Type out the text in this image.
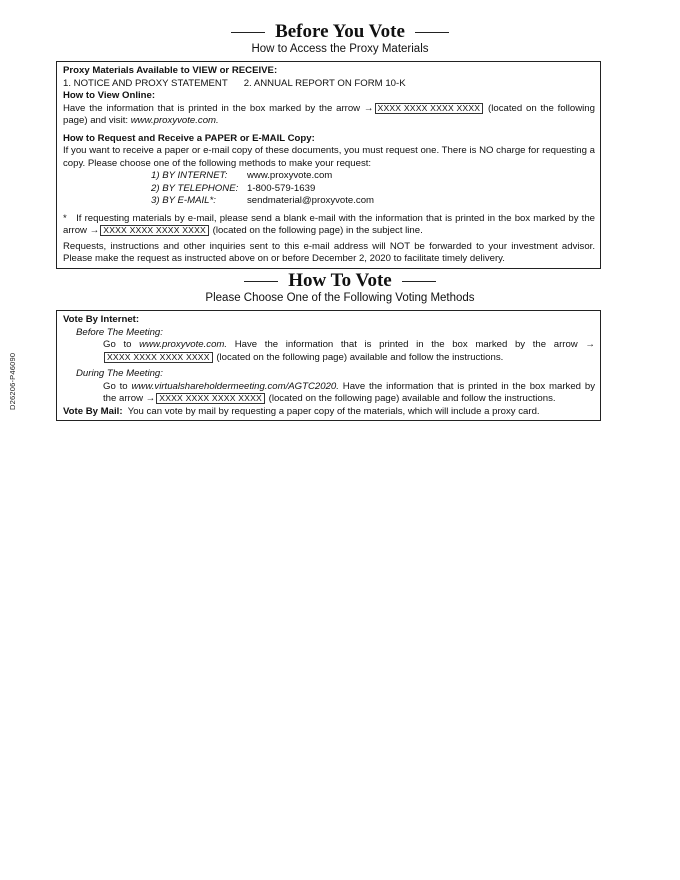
D26206-P46090
Before You Vote
How to Access the Proxy Materials
Proxy Materials Available to VIEW or RECEIVE:
1. NOTICE AND PROXY STATEMENT 2. ANNUAL REPORT ON FORM 10-K
How to View Online:
Have the information that is printed in the box marked by the arrow → XXXX XXXX XXXX XXXX (located on the following page) and visit: www.proxyvote.com.
How to Request and Receive a PAPER or E-MAIL Copy:
If you want to receive a paper or e-mail copy of these documents, you must request one. There is NO charge for requesting a copy. Please choose one of the following methods to make your request:
1) BY INTERNET:	www.proxyvote.com
2) BY TELEPHONE: 1-800-579-1639
3) BY E-MAIL*:	sendmaterial@proxyvote.com
* If requesting materials by e-mail, please send a blank e-mail with the information that is printed in the box marked by the arrow → XXXX XXXX XXXX XXXX (located on the following page) in the subject line.
Requests, instructions and other inquiries sent to this e-mail address will NOT be forwarded to your investment advisor. Please make the request as instructed above on or before December 2, 2020 to facilitate timely delivery.
How To Vote
Please Choose One of the Following Voting Methods
Vote By Internet:
Before The Meeting:
Go to www.proxyvote.com. Have the information that is printed in the box marked by the arrow →XXXX XXXX XXXX XXXX (located on the following page) available and follow the instructions.
During The Meeting:
Go to www.virtualshareholdermeeting.com/AGTC2020. Have the information that is printed in the box marked by the arrow → XXXX XXXX XXXX XXXX (located on the following page) available and follow the instructions.
Vote By Mail: You can vote by mail by requesting a paper copy of the materials, which will include a proxy card.
